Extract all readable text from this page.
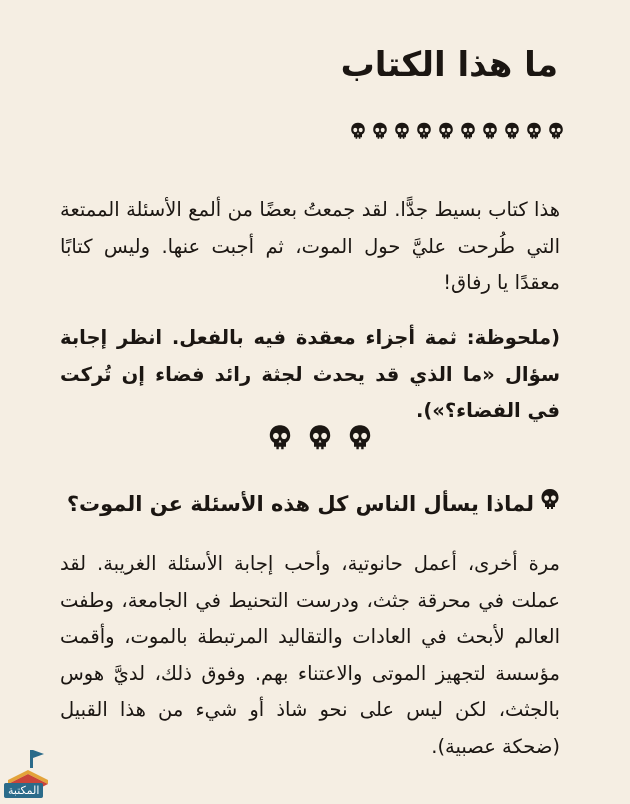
ما هذا الكتاب

هذا كتاب بسيط جدًّا. لقد جمعتُ بعضًا من ألمع الأسئلة الممتعة التي طُرحت عليَّ حول الموت، ثم أجبت عنها. وليس كتابًا معقدًا يا رفاق!

(ملحوظة: ثمة أجزاء معقدة فيه بالفعل. انظر إجابة سؤال «ما الذي قد يحدث لجثة رائد فضاء إن تُركت في الفضاء؟»).

لماذا يسأل الناس كل هذه الأسئلة عن الموت؟

مرة أخرى، أعمل حانوتية، وأحب إجابة الأسئلة الغريبة. لقد عملت في محرقة جثث، ودرست التحنيط في الجامعة، وطفت العالم لأبحث في العادات والتقاليد المرتبطة بالموت، وأقمت مؤسسة لتجهيز الموتى والاعتناء بهم. وفوق ذلك، لديَّ هوس بالجثث، لكن ليس على نحو شاذ أو شيء من هذا القبيل (ضحكة عصبية).

المكتبة
